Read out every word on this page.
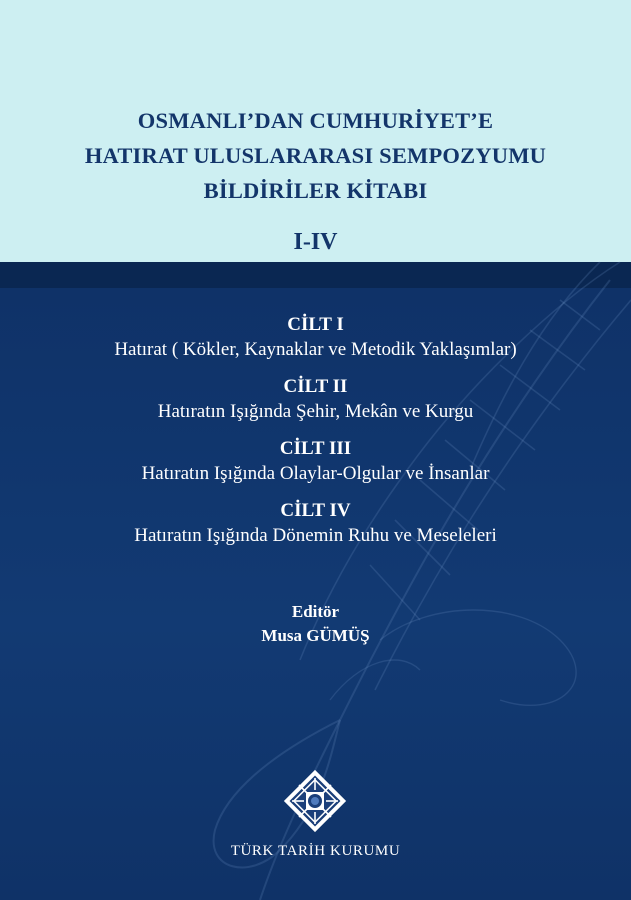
OSMANLI’DAN CUMHURİYET’E
HATIRAT ULUSLARARASI SEMPOZYUMU
BİLDİRİLER KİTABI
I-IV
CİLT I
Hatırat ( Kökler, Kaynaklar ve Metodik Yaklaşımlar)
CİLT II
Hatıratın Işığında Şehir, Mekân ve Kurgu
CİLT III
Hatıratın Işığında Olaylar-Olgular ve İnsanlar
CİLT IV
Hatıratın Işığında Dönemin Ruhu ve Meseleleri
Editör
Musa GÜMÜŞ
TÜRK TARİH KURUMU
